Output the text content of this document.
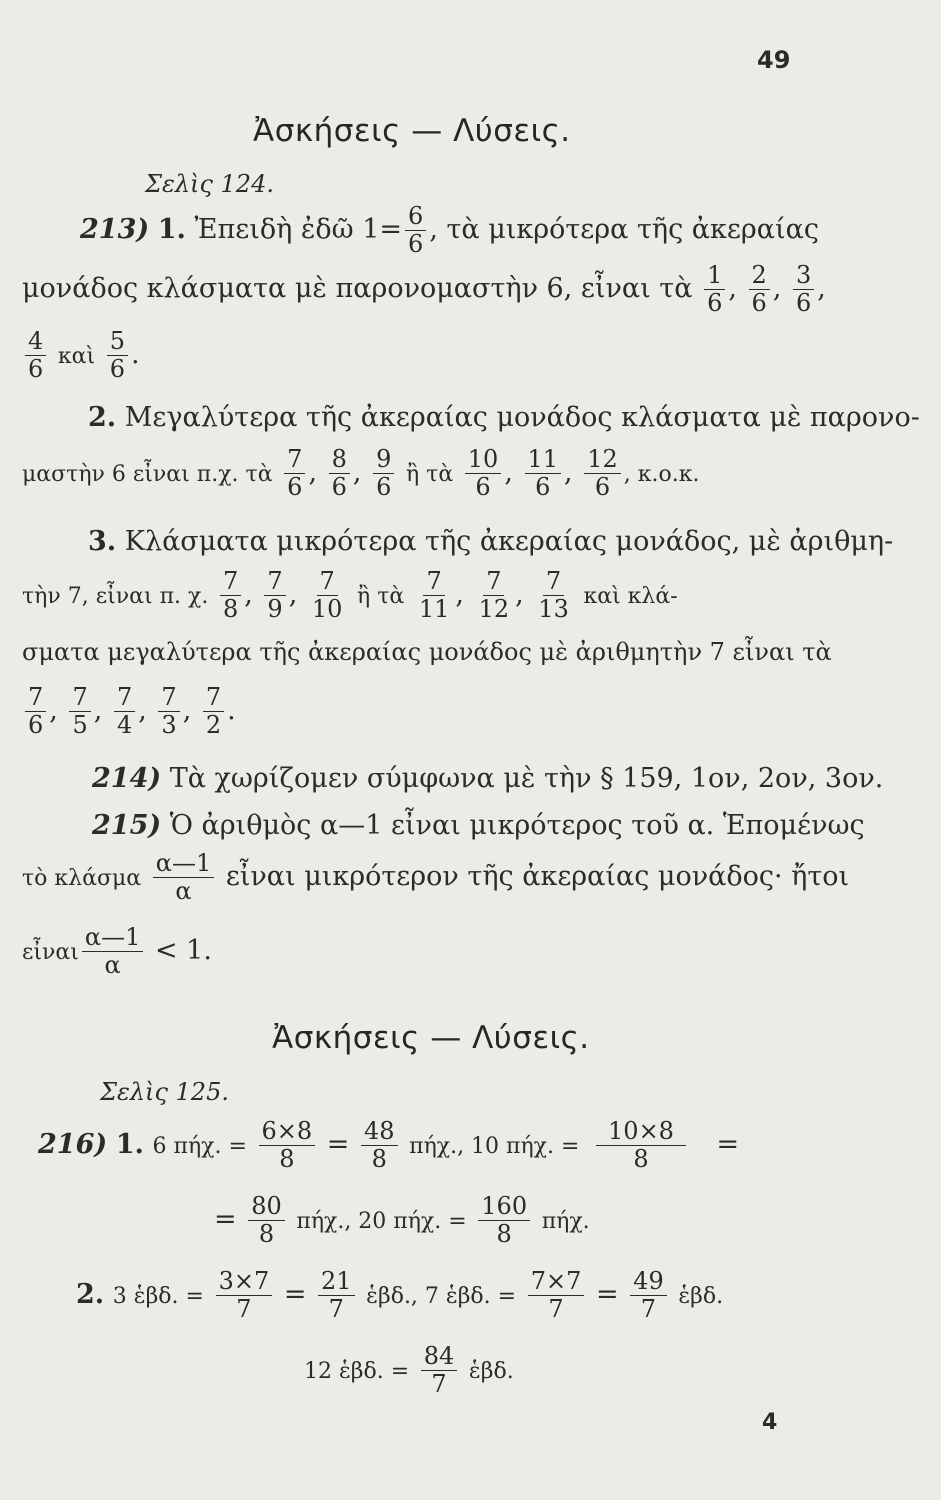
49
Ἀσκήσεις — Λύσεις.
Σελὶς 124.
213) 1. Ἐπειδὴ ἐδῶ $1= \frac{6}{6}$ , τὰ μικρότερα τῆς ἀκεραίας
μονάδος κλάσματα μὲ παρονομαστὴν 6, εἶναι τὰ $\frac{1}{6}$ , $\frac{2}{6}$ , $\frac{3}{6}$ ,
$\frac{4}{6}$ καὶ $\frac{5}{6}$ .
2. Μεγαλύτερα τῆς ἀκεραίας μονάδος κλάσματα μὲ παρονο-
μαστὴν 6 εἶναι π.χ. τὰ $\frac{7}{6}$ , $\frac{8}{6}$ , $\frac{9}{6}$ ἢ τὰ $\frac{10}{6}$ , $\frac{11}{6}$ , $\frac{12}{6}$ , κ.ο.κ.
3. Κλάσματα μικρότερα τῆς ἀκεραίας μονάδος, μὲ ἀριθμη-
τὴν 7, εἶναι π. χ. $\frac{7}{8}$ , $\frac{7}{9}$ , $\frac{7}{10}$ ἢ τὰ $\frac{7}{11}$ , $\frac{7}{12}$ , $\frac{7}{13}$ καὶ κλά-
σματα μεγαλύτερα τῆς ἀκεραίας μονάδος μὲ ἀριθμητὴν 7 εἶναι τὰ
$\frac{7}{6}$ , $\frac{7}{5}$ , $\frac{7}{4}$ , $\frac{7}{3}$ , $\frac{7}{2}$ .
214) Τὰ χωρίζομεν σύμφωνα μὲ τὴν § 159, 1ον, 2ον, 3ον.
215) Ὁ ἀριθμὸς α—1 εἶναι μικρότερος τοῦ α. Ἑπομένως
τὸ κλάσμα $\frac{\alpha—1}{\alpha}$ εἶναι μικρότερον τῆς ἀκεραίας μονάδος· ἤτοι
εἶναι $\frac{\alpha—1}{\alpha} < 1$.
Ἀσκήσεις — Λύσεις.
Σελὶς 125.
216) 1. 6 πήχ. = $\frac{6\times 8}{8} = \frac{48}{8} \pi ή\chi$., 10 πήχ. = $\frac{10\times 8}{8}$ =
= $\frac{80}{8} \pi ή\chi$., 20 πήχ. = $\frac{160}{8} \pi ή\chi$.
2. 3 ἑβδ. = $\frac{3\times 7}{7} = \frac{21}{7}$ ἑβδ., 7 ἑβδ. = $\frac{7\times 7}{7} = \frac{49}{7}$ ἑβδ.
12 ἑβδ. = $\frac{84}{7}$ ἑβδ.
4
